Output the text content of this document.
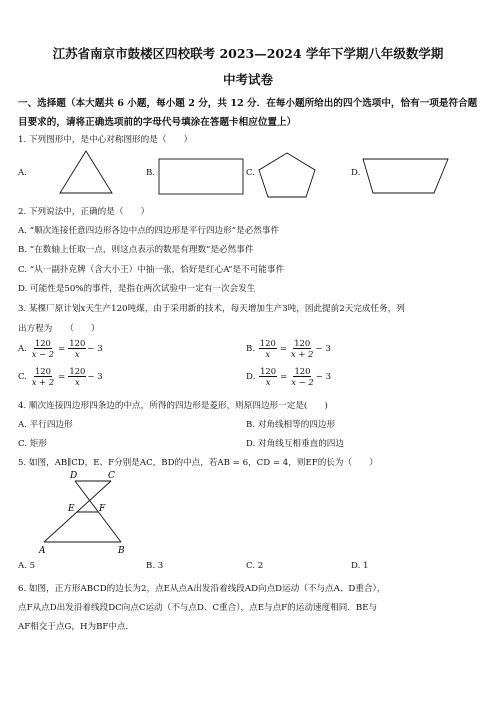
江苏省南京市鼓楼区四校联考 2023—2024 学年下学期八年级数学期
中考试卷
一、选择题（本大题共 6 小题，每小题 2 分，共 12 分．在每小题所给出的四个选项中，恰有一项是符合题目要求的，请将正确选项前的字母代号填涂在答题卡相应位置上）
1. 下列图形中，是中心对称图形的是（　　）
A.	B.	C.	D.
2. 下列说法中，正确的是（　　）
A. “顺次连接任意四边形各边中点的四边形是平行四边形”是必然事件
B. “在数轴上任取一点，则这点表示的数是有理数”是必然事件
C. “从一副扑克牌（含大小王）中抽一张，恰好是红心A”是不可能事件
D. 可能性是50%的事件，是指在两次试验中一定有一次会发生
3. 某棵厂原计划x天生产120吨煤，由于采用新的技术，每天增加生产3吨，因此提前2天完成任务，列
出方程为　　（　　）
A.
$\frac{120}{x - 2} = \frac{120}{x} - 3$	B.
$\frac{120}{x} = \frac{120}{x + 2} - 3$
C.
$\frac{120}{x + 2} = \frac{120}{x} - 3$	D.
$\frac{120}{x} = \frac{120}{x - 2} - 3$
4. 顺次连接四边形四条边的中点，所得的四边形是菱形，则原四边形一定是(　　)
A. 平行四边形	B. 对角线相等的四边形
C. 矩形	D. 对角线互相垂直的四边
5. 如图，AB∥CD，E、F分别是AC，BD的中点，若AB = 6，CD = 4，则EF的长为（　　）
D	C
E	F
A	B
A. 5	B. 3	C. 2	D. 1
6. 如图，正方形ABCD的边长为2，点E从点A出发沿着线段AD向点D运动（不与点A、D重合），
点F从点D出发沿着线段DC向点C运动（不与点D、C重合），点E与点F的运动速度相同．BE与
AF相交于点G，H为BF中点．
